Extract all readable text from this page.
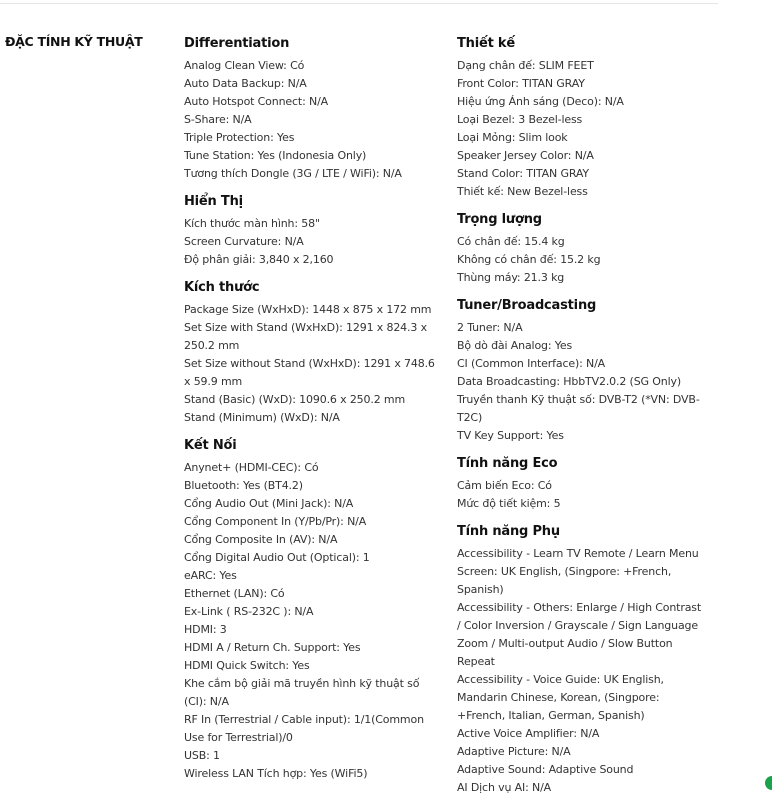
ĐẶC TÍNH KỸ THUẬT	Differentiation
Analog Clean View: Có
Auto Data Backup: N/A
Auto Hotspot Connect: N/A
S-Share: N/A
Triple Protection: Yes
Tune Station: Yes (Indonesia Only)
Tương thích Dongle (3G / LTE / WiFi): N/A
Hiển Thị
Kích thước màn hình: 58"
Screen Curvature: N/A
Độ phân giải: 3,840 x 2,160
Kích thước
Package Size (WxHxD): 1448 x 875 x 172 mm
Set Size with Stand (WxHxD): 1291 x 824.3 x 250.2 mm
Set Size without Stand (WxHxD): 1291 x 748.6 x 59.9 mm
Stand (Basic) (WxD): 1090.6 x 250.2 mm
Stand (Minimum) (WxD): N/A
Kết Nối
Anynet+ (HDMI-CEC): Có
Bluetooth: Yes (BT4.2)
Cổng Audio Out (Mini Jack): N/A
Cổng Component In (Y/Pb/Pr): N/A
Cổng Composite In (AV): N/A
Cổng Digital Audio Out (Optical): 1
eARC: Yes
Ethernet (LAN): Có
Ex-Link ( RS-232C ): N/A
HDMI: 3
HDMI A / Return Ch. Support: Yes
HDMI Quick Switch: Yes
Khe cắm bộ giải mã truyền hình kỹ thuật số (CI): N/A
RF In (Terrestrial / Cable input): 1/1(Common Use for Terrestrial)/0
USB: 1
Wireless LAN Tích hợp: Yes (WiFi5)
Thiết kế
Dạng chân đế: SLIM FEET
Front Color: TITAN GRAY
Hiệu ứng Ánh sáng (Deco): N/A
Loại Bezel: 3 Bezel-less
Loại Mỏng: Slim look
Speaker Jersey Color: N/A
Stand Color: TITAN GRAY
Thiết kế: New Bezel-less
Trọng lượng
Có chân đế: 15.4 kg
Không có chân đế: 15.2 kg
Thùng máy: 21.3 kg
Tuner/Broadcasting
2 Tuner: N/A
Bộ dò đài Analog: Yes
CI (Common Interface): N/A
Data Broadcasting: HbbTV2.0.2 (SG Only)
Truyền thanh Kỹ thuật số: DVB-T2 (*VN: DVB-T2C)
TV Key Support: Yes
Tính năng Eco
Cảm biến Eco: Có
Mức độ tiết kiệm: 5
Tính năng Phụ
Accessibility - Learn TV Remote / Learn Menu Screen: UK English, (Singpore: +French, Spanish)
Accessibility - Others: Enlarge / High Contrast / Color Inversion / Grayscale / Sign Language Zoom / Multi-output Audio / Slow Button Repeat
Accessibility - Voice Guide: UK English, Mandarin Chinese, Korean, (Singpore: +French, Italian, German, Spanish)
Active Voice Amplifier: N/A
Adaptive Picture: N/A
Adaptive Sound: Adaptive Sound
AI Dịch vụ AI: N/A
